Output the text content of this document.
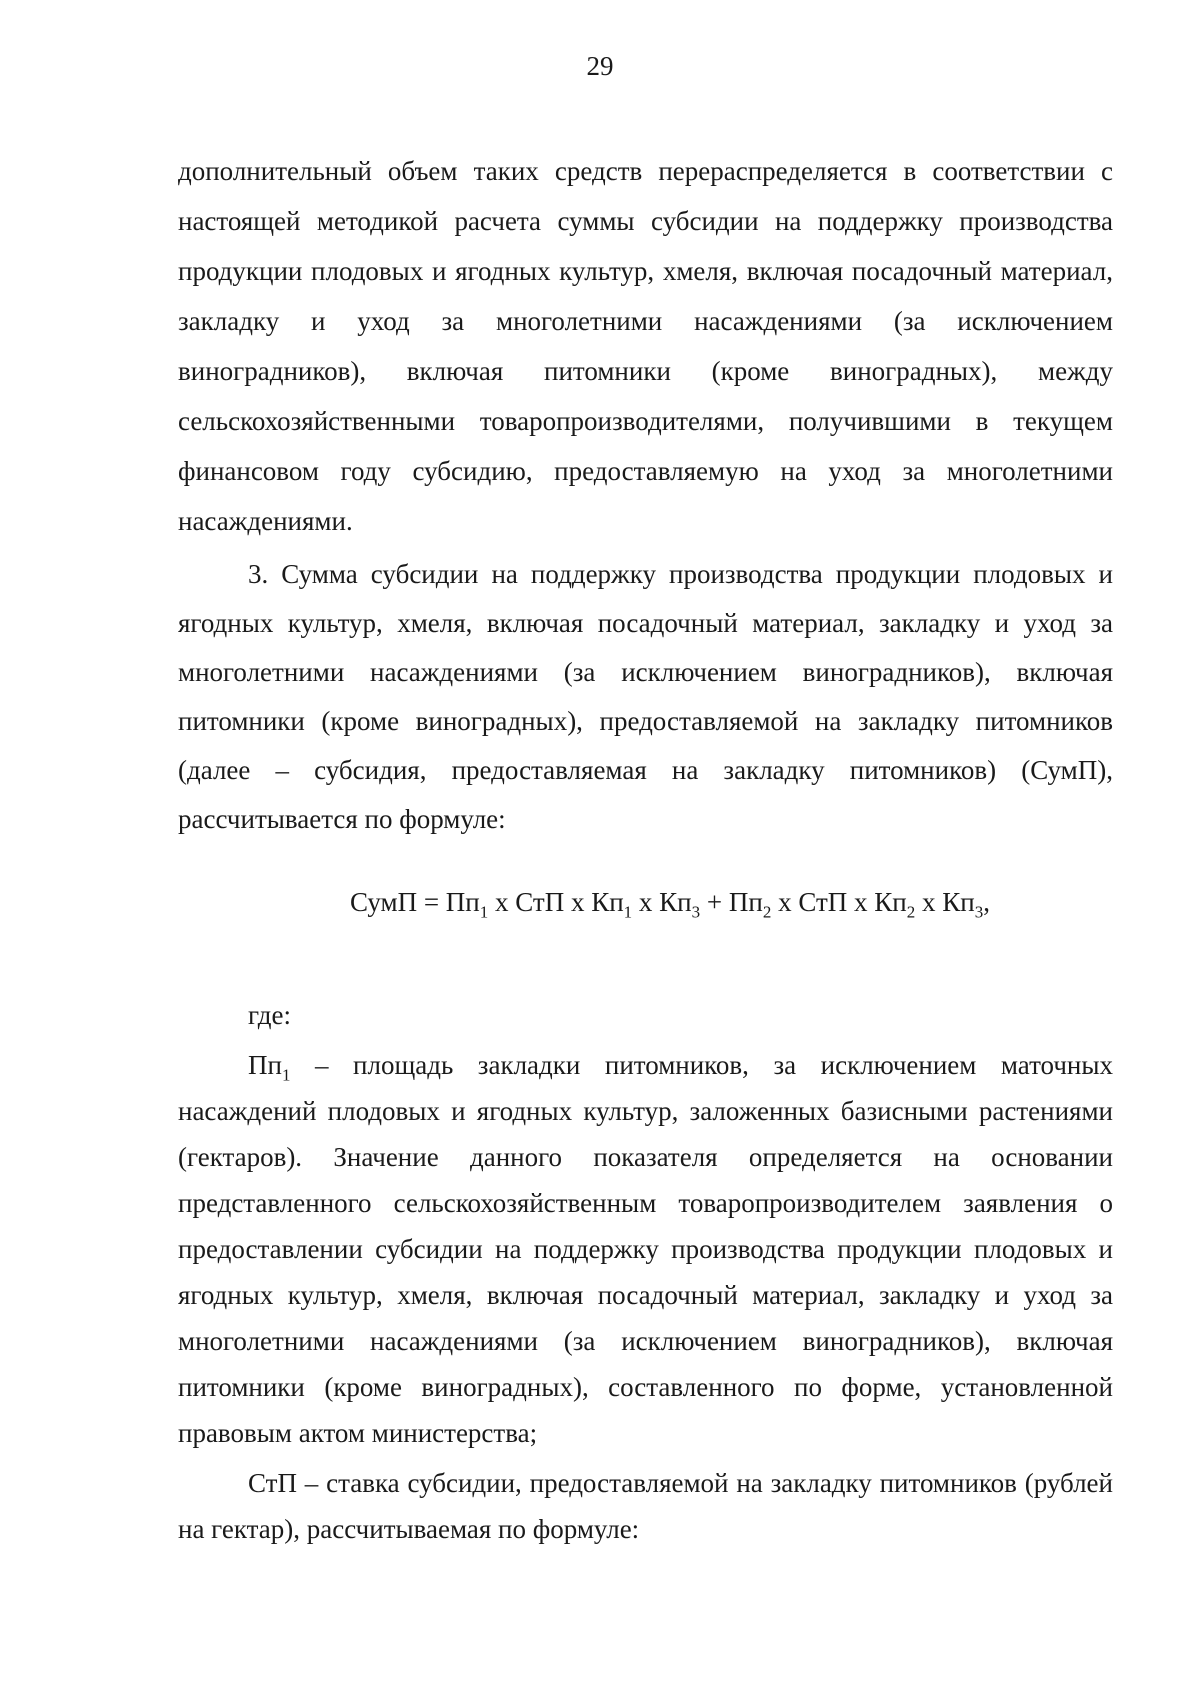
29

дополнительный объем таких средств перераспределяется в соответствии с настоящей методикой расчета суммы субсидии на поддержку производства продукции плодовых и ягодных культур, хмеля, включая посадочный материал, закладку и уход за многолетними насаждениями (за исключением виноградников), включая питомники (кроме виноградных), между сельскохозяйственными товаропроизводителями, получившими в текущем финансовом году субсидию, предоставляемую на уход за многолетними насаждениями.

3. Сумма субсидии на поддержку производства продукции плодовых и ягодных культур, хмеля, включая посадочный материал, закладку и уход за многолетними насаждениями (за исключением виноградников), включая питомники (кроме виноградных), предоставляемой на закладку питомников (далее – субсидия, предоставляемая на закладку питомников) (СумП), рассчитывается по формуле:

СумП = $Пп_1$ х СтП х $Кп_1$ х $Кп_3 + Пп_2$ х СтП х $Кп_2$ х $Кп_3$,

где:

$Пп_1$ – площадь закладки питомников, за исключением маточных насаждений плодовых и ягодных культур, заложенных базисными растениями (гектаров). Значение данного показателя определяется на основании представленного сельскохозяйственным товаропроизводителем заявления о предоставлении субсидии на поддержку производства продукции плодовых и ягодных культур, хмеля, включая посадочный материал, закладку и уход за многолетними насаждениями (за исключением виноградников), включая питомники (кроме виноградных), составленного по форме, установленной правовым актом министерства;

СтП – ставка субсидии, предоставляемой на закладку питомников (рублей на гектар), рассчитываемая по формуле:
